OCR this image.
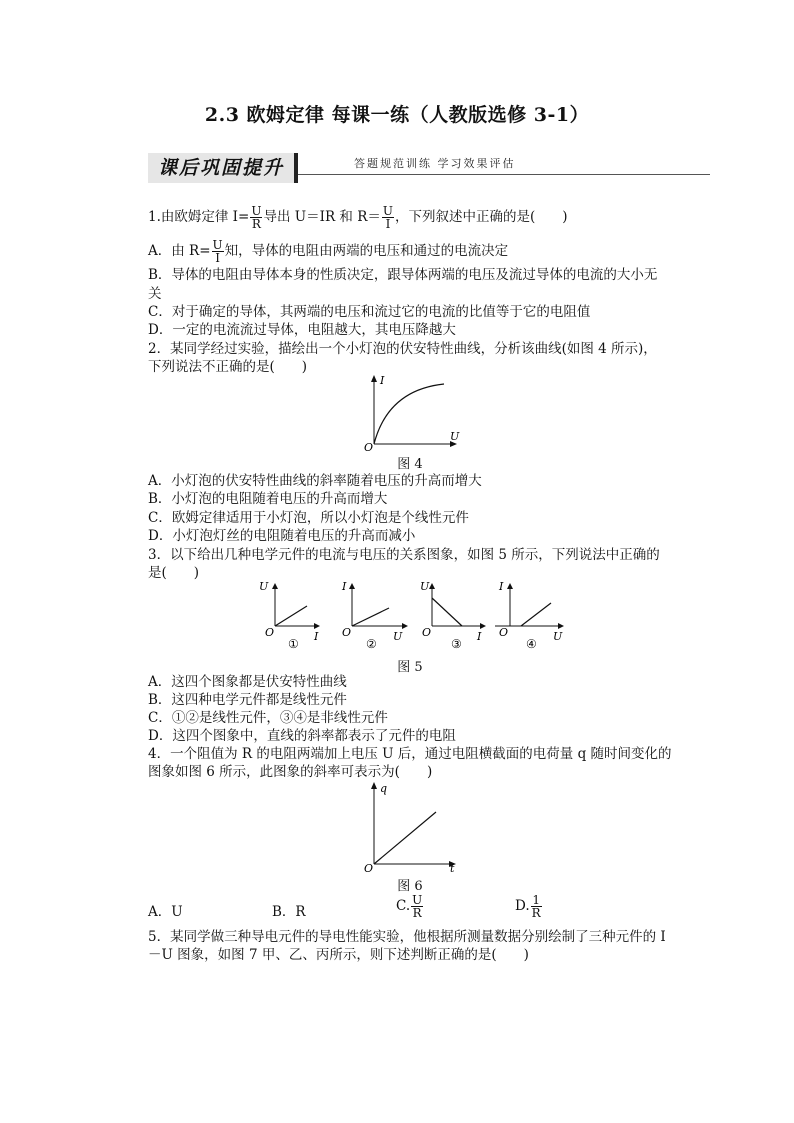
2.3 欧姆定律 每课一练（人教版选修 3-1）
课后巩固提升	答题规范训练 学习效果评估
1.由欧姆定律 $I= \frac{U}{R}$ 导出 U＝IR 和 $R= \frac{U}{I}$ ，下列叙述中正确的是(　　)
A．由 $R= \frac{U}{I}$ 知，导体的电阻由两端的电压和通过的电流决定
B．导体的电阻由导体本身的性质决定，跟导体两端的电压及流过导体的电流的大小无
关
C．对于确定的导体，其两端的电压和流过它的电流的比值等于它的电阻值
D．一定的电流流过导体，电阻越大，其电压降越大
2．某同学经过实验，描绘出一个小灯泡的伏安特性曲线，分析该曲线(如图 4 所示)，
下列说法不正确的是(　　)
I
U
O
图 4
A．小灯泡的伏安特性曲线的斜率随着电压的升高而增大
B．小灯泡的电阻随着电压的升高而增大
C．欧姆定律适用于小灯泡，所以小灯泡是个线性元件
D．小灯泡灯丝的电阻随着电压的升高而减小
3．以下给出几种电学元件的电流与电压的关系图象，如图 5 所示，下列说法中正确的
是(　　)
U
O	I
①
I
O	U
②
U
O	I
③
I
O	U
④
图 5
A．这四个图象都是伏安特性曲线
B．这四种电学元件都是线性元件
C．①②是线性元件，③④是非线性元件
D．这四个图象中，直线的斜率都表示了元件的电阻
4．一个阻值为 R 的电阻两端加上电压 U 后，通过电阻横截面的电荷量 q 随时间变化的
图象如图 6 所示，此图象的斜率可表示为(　　)
q
O	t
图 6
A．U	B．R	C. $\frac{U}{R}$	D. $\frac{1}{R}$
5．某同学做三种导电元件的导电性能实验，他根据所测量数据分别绘制了三种元件的 I
－U 图象，如图 7 甲、乙、丙所示，则下述判断正确的是(　　)
